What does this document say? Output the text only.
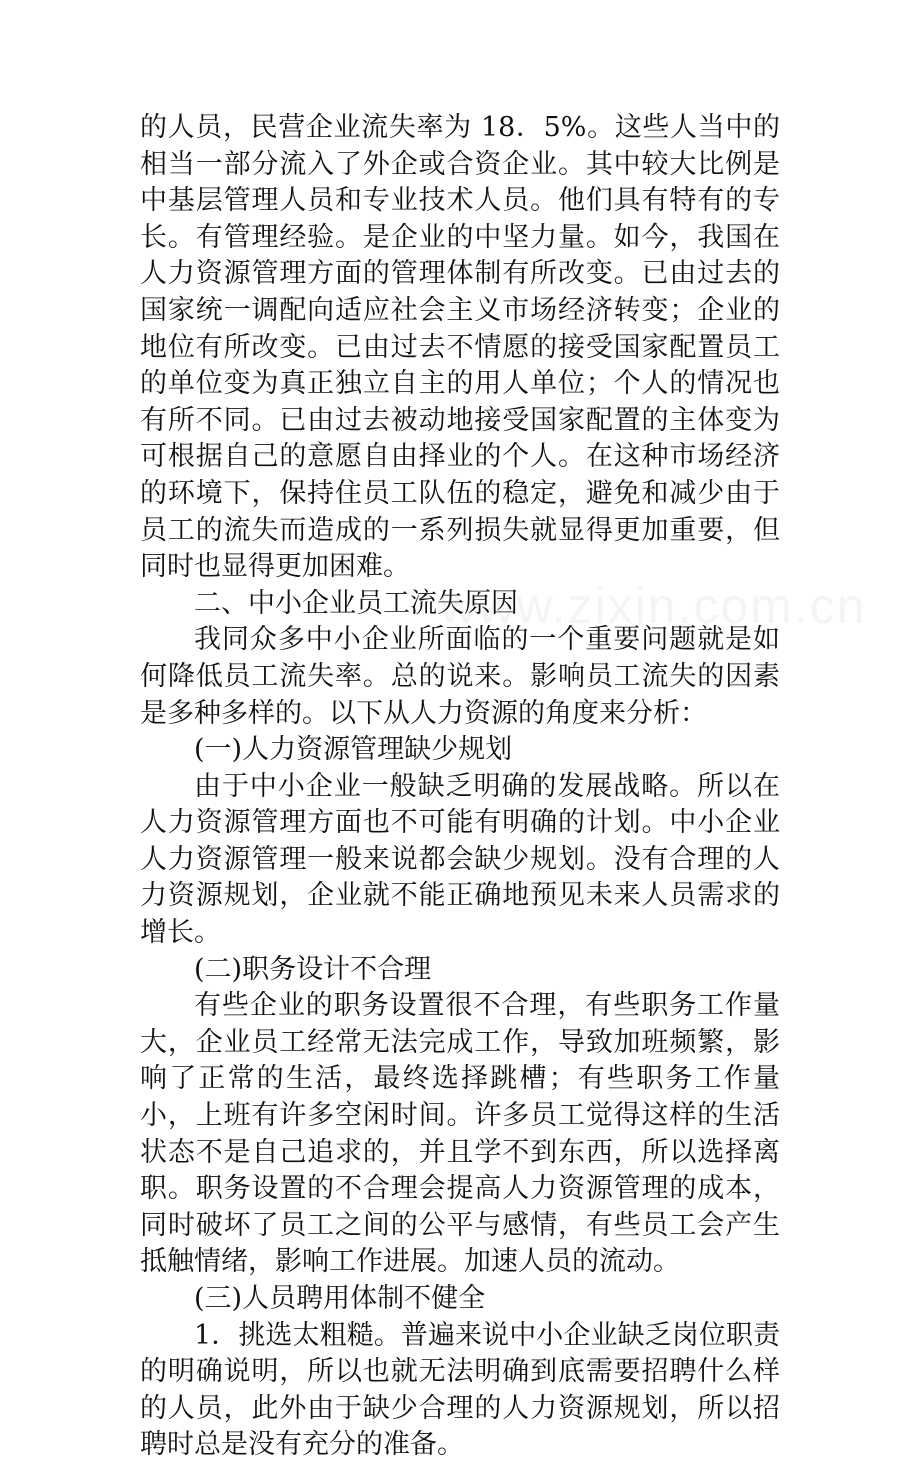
www.zixin.com.cn

的人员，民营企业流失率为 18．5%。这些人当中的相当一部分流入了外企或合资企业。其中较大比例是中基层管理人员和专业技术人员。他们具有特有的专长。有管理经验。是企业的中坚力量。如今，我国在人力资源管理方面的管理体制有所改变。已由过去的国家统一调配向适应社会主义市场经济转变；企业的地位有所改变。已由过去不情愿的接受国家配置员工的单位变为真正独立自主的用人单位；个人的情况也有所不同。已由过去被动地接受国家配置的主体变为可根据自己的意愿自由择业的个人。在这种市场经济的环境下，保持住员工队伍的稳定，避免和减少由于员工的流失而造成的一系列损失就显得更加重要，但同时也显得更加困难。

二、中小企业员工流失原因

我同众多中小企业所面临的一个重要问题就是如何降低员工流失率。总的说来。影响员工流失的因素是多种多样的。以下从人力资源的角度来分析：

(一)人力资源管理缺少规划

由于中小企业一般缺乏明确的发展战略。所以在人力资源管理方面也不可能有明确的计划。中小企业人力资源管理一般来说都会缺少规划。没有合理的人力资源规划，企业就不能正确地预见未来人员需求的增长。

(二)职务设计不合理

有些企业的职务设置很不合理，有些职务工作量大，企业员工经常无法完成工作，导致加班频繁，影响了正常的生活，最终选择跳槽；有些职务工作量小，上班有许多空闲时间。许多员工觉得这样的生活状态不是自己追求的，并且学不到东西，所以选择离职。职务设置的不合理会提高人力资源管理的成本，同时破坏了员工之间的公平与感情，有些员工会产生抵触情绪，影响工作进展。加速人员的流动。

(三)人员聘用体制不健全

1．挑选太粗糙。普遍来说中小企业缺乏岗位职责的明确说明，所以也就无法明确到底需要招聘什么样的人员，此外由于缺少合理的人力资源规划，所以招聘时总是没有充分的准备。
